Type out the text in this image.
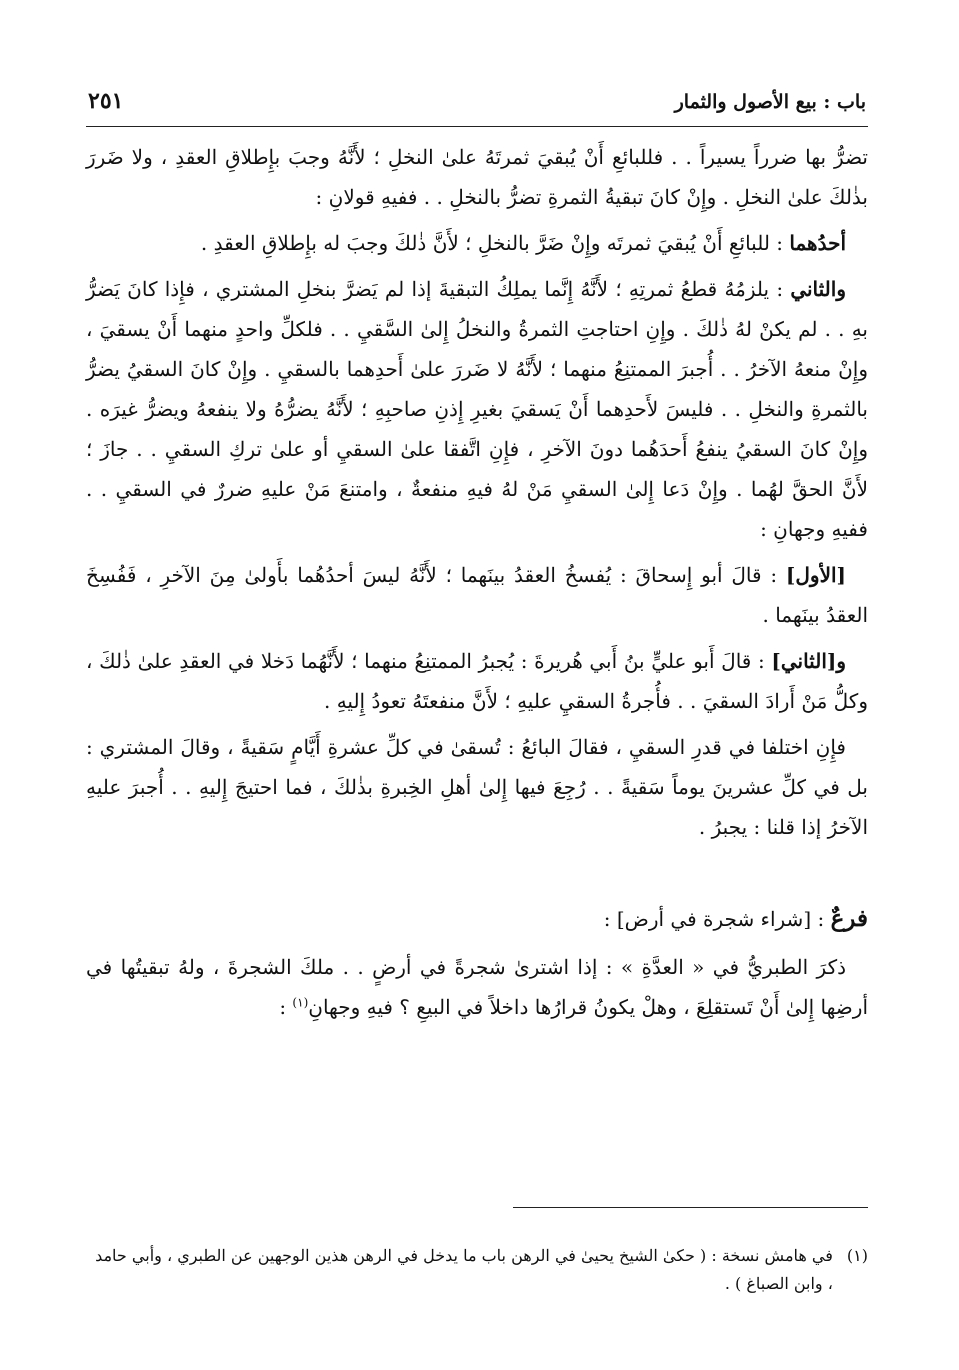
باب : بيع الأصول والثمار
٢٥١

تضرُّ بها ضرراً يسيراً . . فللبائعِ أَنْ يُبقيَ ثمرتَهُ علىٰ النخلِ ؛ لأَنَّهُ وجبَ بإِطلاقِ العقدِ ، ولا ضَررَ بذٰلكَ علىٰ النخلِ . وإِنْ كانَ تبقيةُ الثمرةِ تضرُّ بالنخلِ . . ففيهِ قولانِ :

أحدُهما : للبائعِ أَنْ يُبقيَ ثمرتَه وإِنْ ضَرَّ بالنخلِ ؛ لأَنَّ ذٰلكَ وجبَ له بإِطلاقِ العقدِ .

والثاني : يلزمُهُ قطعُ ثمرتِهِ ؛ لأَنَّهُ إِنَّما يملِكُ التبقيةَ إذا لم يَضرَّ بنخلِ المشتري ، فإِذا كانَ يَضرُّ بهِ . . لم يكنْ لهُ ذٰلكَ . وإِنِ احتاجتِ الثمرةُ والنخلُ إِلىٰ السَّقيِ . . فلكلِّ واحدٍ منهما أَنْ يسقيَ ، وإِنْ منعهُ الآخرُ . . أُجبرَ الممتنِعُ منهما ؛ لأَنَّهُ لا ضَررَ علىٰ أَحدِهما بالسقيِ . وإِنْ كانَ السقيُ يضرُّ بالثمرةِ والنخلِ . . فليسَ لأَحدِهما أَنْ يَسقيَ بغيرِ إِذنِ صاحبِهِ ؛ لأَنَّهُ يضرُّهُ ولا ينفعهُ ويضرُّ غيرَه . وإِنْ كانَ السقيُ ينفعُ أَحدَهُما دونَ الآخرِ ، فإِنِ اتَّفقا علىٰ السقيِ أو علىٰ تركِ السقيِ . . جازَ ؛ لأَنَّ الحقَّ لهُما . وإِنْ دَعا إِلىٰ السقيِ مَنْ لهُ فيهِ منفعةٌ ، وامتنعَ مَنْ عليهِ ضررٌ في السقيِ . . ففيهِ وجهانِ :

[الأول] : قالَ أبو إِسحاقَ : يُفسخُ العقدُ بينَهما ؛ لأَنَّهُ ليسَ أحدُهُما بأَولىٰ مِنَ الآخرِ ، فَفُسِخَ العقدُ بينَهما .

و[الثاني] : قالَ أَبو عليٍّ بنُ أَبي هُريرةَ : يُجبرُ الممتنِعُ منهما ؛ لأَنَّهُما دَخلا في العقدِ علىٰ ذٰلكَ ، وكلُّ مَنْ أَرادَ السقيَ . . فأُجرةُ السقيِ عليهِ ؛ لأَنَّ منفعتَهُ تعودُ إِليهِ .

فإِنِ اختلفا في قدرِ السقيِ ، فقالَ البائعُ : تُسقىٰ في كلِّ عشرةِ أَيَّامٍ سَقيةً ، وقالَ المشتري : بل في كلِّ عشرينَ يوماً سَقيةً . . رُجِعَ فيها إِلىٰ أهلِ الخِبرةِ بذٰلكَ ، فما احتيجَ إِليهِ . . أُجبرَ عليهِ الآخرُ إذا قلنا : يجبرُ .

فرعٌ : [شراء شجرة في أرض] :

ذكرَ الطبريُّ في « العدَّةِ » : إذا اشترىٰ شجرةً في أرضٍ . . ملكَ الشجرةَ ، ولهُ تبقيتُها في أرضِها إِلىٰ أَنْ تَستقلِعَ ، وهلْ يكونُ قرارُها داخلاً في البيعِ ؟ فيهِ وجهانِ$^{(١)}$ :

(١)
في هامش نسخة : ( حكىٰ الشيخ يحيىٰ في الرهن باب ما يدخل في الرهن هذين الوجهين عن الطبري ، وأبي حامد ، وابن الصباغ ) .
